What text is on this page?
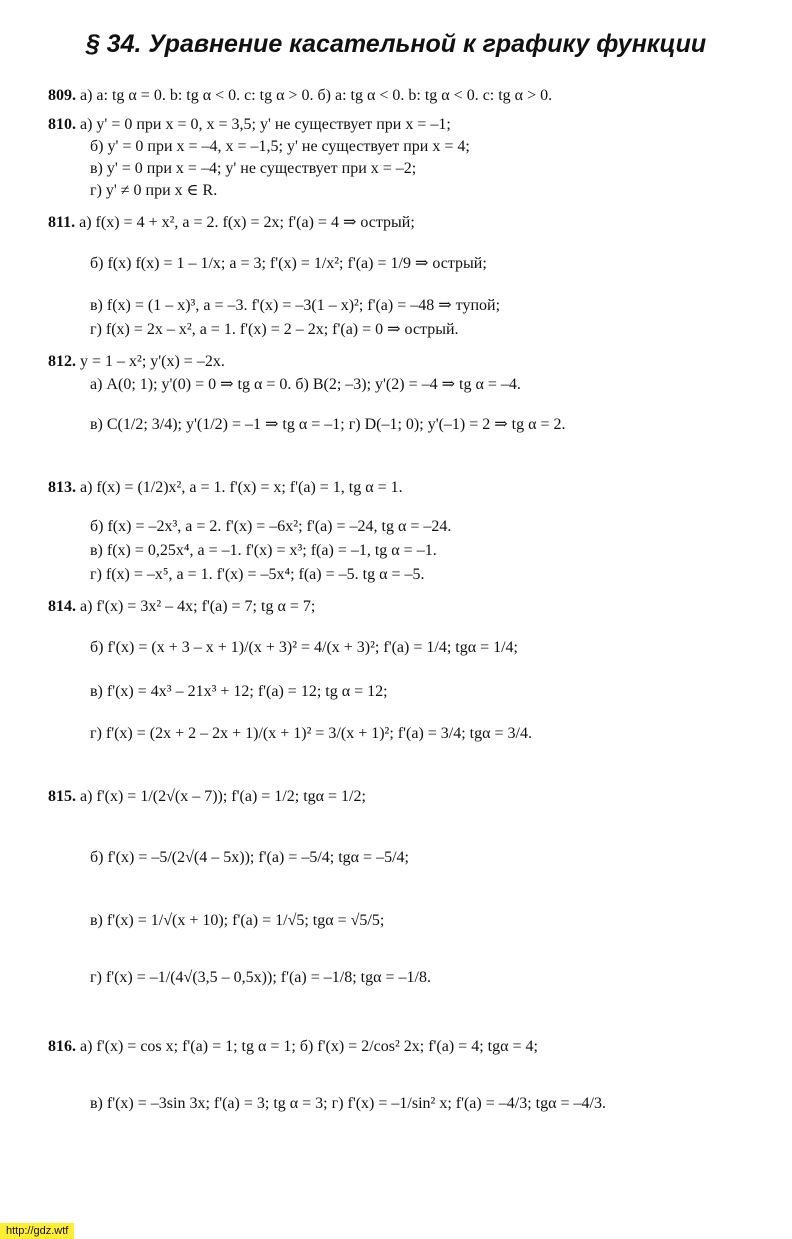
§ 34. Уравнение касательной к графику функции
809. а) a: tg α = 0. b: tg α < 0. c: tg α > 0. б) a: tg α < 0. b: tg α < 0. c: tg α > 0.
810. а) y' = 0 при x = 0, x = 3,5; y' не существует при x = –1;
б) y' = 0 при x = –4, x = –1,5; y' не существует при x = 4;
в) y' = 0 при x = –4; y' не существует при x = –2;
г) y' ≠ 0 при x ∈ R.
811. а) f(x) = 4 + x², a = 2. f(x) = 2x; f'(a) = 4 ⇒ острый;
б) f(x) f(x) = 1 – 1/x; a = 3; f'(x) = 1/x²; f'(a) = 1/9 ⇒ острый;
в) f(x) = (1 – x)³, a = –3. f'(x) = –3(1 – x)²; f'(a) = –48 ⇒ тупой;
г) f(x) = 2x – x², a = 1. f'(x) = 2 – 2x; f'(a) = 0 ⇒ острый.
812. y = 1 – x²; y'(x) = –2x.
а) A(0; 1); y'(0) = 0 ⇒ tg α = 0. б) B(2; –3); y'(2) = –4 ⇒ tg α = –4.
в) C(1/2; 3/4); y'(1/2) = –1 ⇒ tg α = –1; г) D(–1; 0); y'(–1) = 2 ⇒ tg α = 2.
813. а) f(x) = (1/2)x², a = 1. f'(x) = x; f'(a) = 1, tg α = 1.
б) f(x) = –2x³, a = 2. f'(x) = –6x²; f'(a) = –24, tg α = –24.
в) f(x) = 0,25x⁴, a = –1. f'(x) = x³; f(a) = –1, tg α = –1.
г) f(x) = –x⁵, a = 1. f'(x) = –5x⁴; f(a) = –5. tg α = –5.
814. а) f'(x) = 3x² – 4x; f'(a) = 7; tg α = 7;
б) f'(x) = (x + 3 – x + 1)/(x + 3)² = 4/(x + 3)²; f'(a) = 1/4; tgα = 1/4;
в) f'(x) = 4x³ – 21x³ + 12; f'(a) = 12; tg α = 12;
г) f'(x) = (2x + 2 – 2x + 1)/(x + 1)² = 3/(x + 1)²; f'(a) = 3/4; tgα = 3/4.
815. а) f'(x) = 1/(2√(x – 7)); f'(a) = 1/2; tgα = 1/2;
б) f'(x) = –5/(2√(4 – 5x)); f'(a) = –5/4; tgα = –5/4;
в) f'(x) = 1/√(x + 10); f'(a) = 1/√5; tgα = √5/5;
г) f'(x) = –1/(4√(3,5 – 0,5x)); f'(a) = –1/8; tgα = –1/8.
816. а) f'(x) = cos x; f'(a) = 1; tg α = 1; б) f'(x) = 2/cos² 2x; f'(a) = 4; tgα = 4;
в) f'(x) = –3sin 3x; f'(a) = 3; tg α = 3; г) f'(x) = –1/sin² x; f'(a) = –4/3; tgα = –4/3.
http://gdz.wtf
